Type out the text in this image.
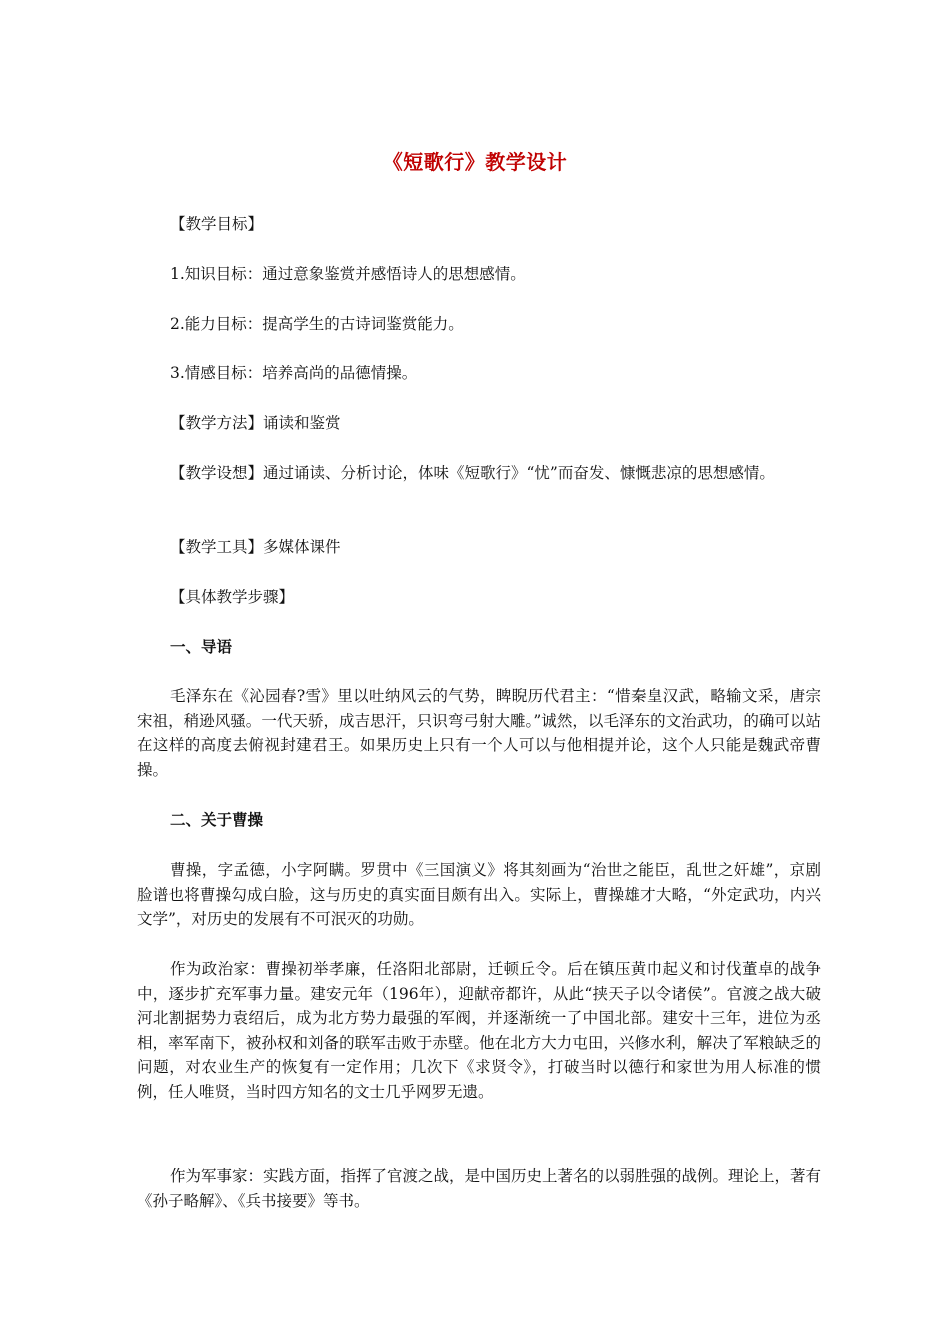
《短歌行》教学设计

【教学目标】

1.知识目标：通过意象鉴赏并感悟诗人的思想感情。

2.能力目标：提高学生的古诗词鉴赏能力。

3.情感目标：培养高尚的品德情操。

【教学方法】诵读和鉴赏

【教学设想】通过诵读、分析讨论，体味《短歌行》“忧”而奋发、慷慨悲凉的思想感情。

【教学工具】多媒体课件

【具体教学步骤】

一、导语

毛泽东在《沁园春?雪》里以吐纳风云的气势，睥睨历代君主：“惜秦皇汉武，略输文采，唐宗宋祖，稍逊风骚。一代天骄，成吉思汗，只识弯弓射大雕。”诚然，以毛泽东的文治武功，的确可以站在这样的高度去俯视封建君王。如果历史上只有一个人可以与他相提并论，这个人只能是魏武帝曹操。

二、关于曹操

曹操，字孟德，小字阿瞒。罗贯中《三国演义》将其刻画为“治世之能臣，乱世之奸雄”，京剧脸谱也将曹操勾成白脸，这与历史的真实面目颇有出入。实际上，曹操雄才大略，“外定武功，内兴文学”，对历史的发展有不可泯灭的功勋。

作为政治家：曹操初举孝廉，任洛阳北部尉，迁顿丘令。后在镇压黄巾起义和讨伐董卓的战争中，逐步扩充军事力量。建安元年（196年），迎献帝都许，从此“挟天子以令诸侯”。官渡之战大破河北割据势力袁绍后，成为北方势力最强的军阀，并逐渐统一了中国北部。建安十三年，进位为丞相，率军南下，被孙权和刘备的联军击败于赤壁。他在北方大力屯田，兴修水利，解决了军粮缺乏的问题，对农业生产的恢复有一定作用；几次下《求贤令》，打破当时以德行和家世为用人标准的惯例，任人唯贤，当时四方知名的文士几乎网罗无遗。

作为军事家：实践方面，指挥了官渡之战，是中国历史上著名的以弱胜强的战例。理论上，著有《孙子略解》、《兵书接要》等书。
